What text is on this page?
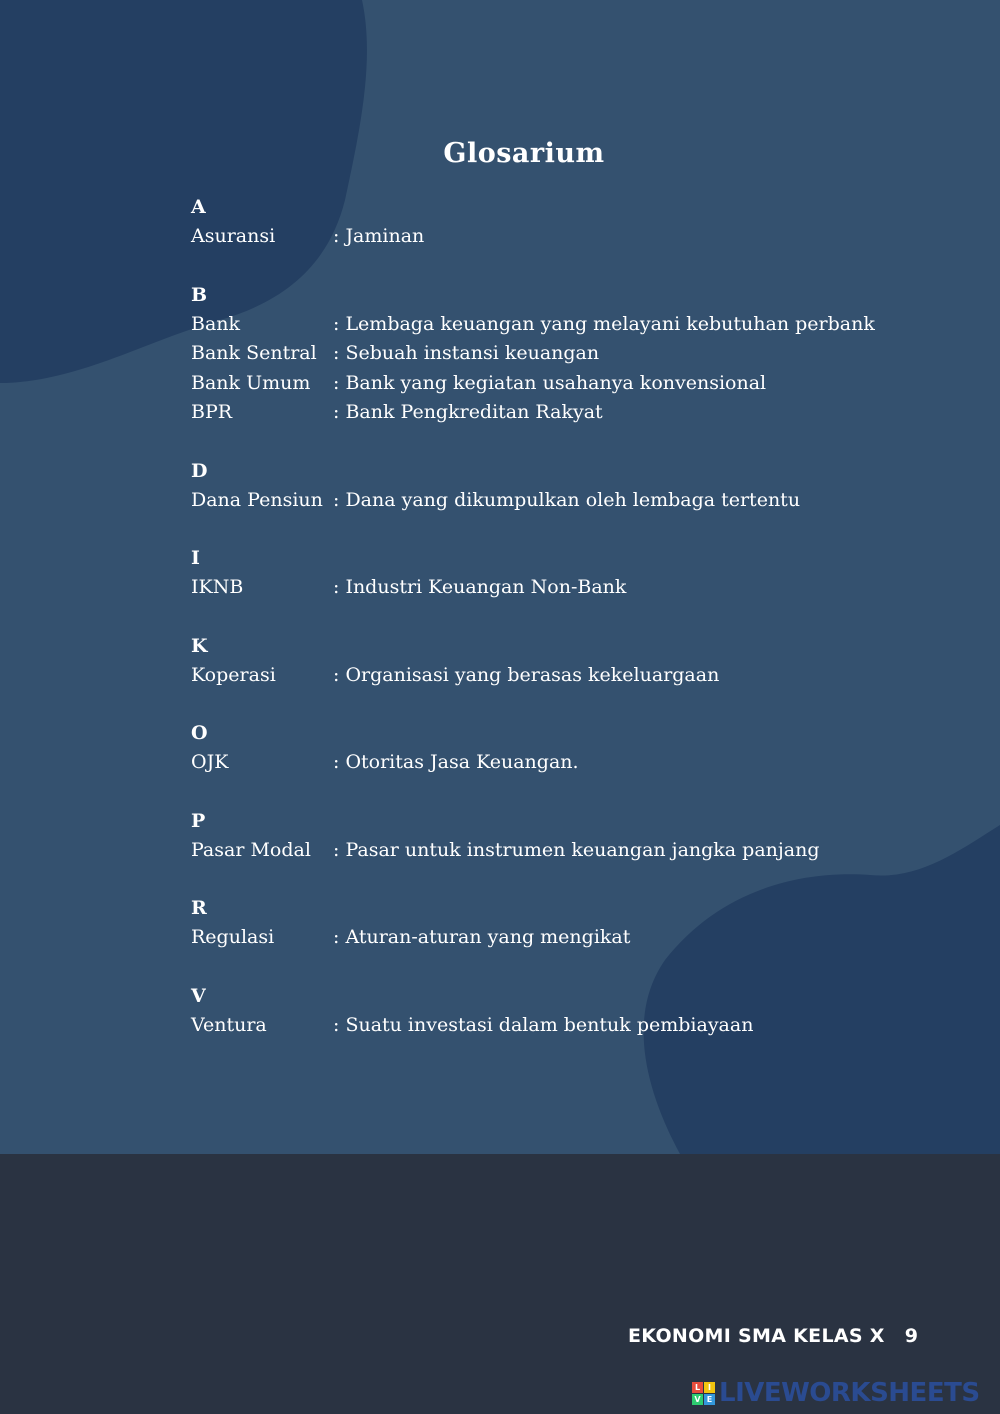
Glosarium
A
Asuransi	: Jaminan
B
Bank	: Lembaga keuangan yang melayani kebutuhan perbank
Bank Sentral : Sebuah instansi keuangan
Bank Umum	: Bank yang kegiatan usahanya konvensional
BPR	: Bank Pengkreditan Rakyat
D
Dana Pensiun : Dana yang dikumpulkan oleh lembaga tertentu
I
IKNB	: Industri Keuangan Non-Bank
K
Koperasi	: Organisasi yang berasas kekeluargaan
O
OJK	: Otoritas Jasa Keuangan.
P
Pasar Modal	: Pasar untuk instrumen keuangan jangka panjang
R
Regulasi	: Aturan-aturan yang mengikat
V
Ventura	: Suatu investasi dalam bentuk pembiayaan
EKONOMI SMA KELAS X 9
L I
V E LIVEWORKSHEETS
